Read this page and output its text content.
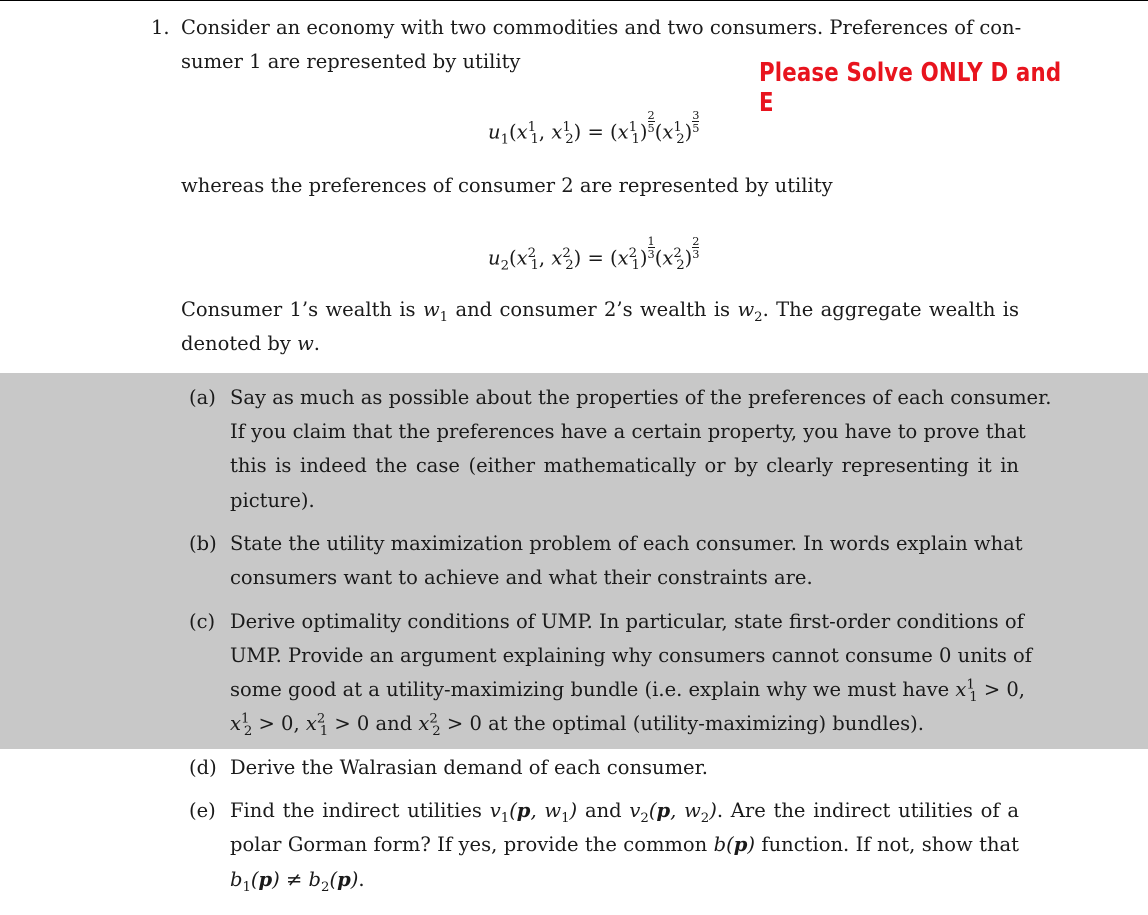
1. Consider an economy with two commodities and two consumers. Preferences of con-
sumer 1 are represented by utility	Please Solve ONLY D and E
$u_1(x^1_1$, $x^1_2) = (x^1_1) \frac{2}{5} (x^1_2) \frac{3}{5}$
whereas the preferences of consumer 2 are represented by utility
$u_2(x^2_1$, $x^2_2) = (x^2_1) \frac{1}{3} (x^2_2) \frac{2}{3}$
Consumer 1’s wealth is $w_1$ and consumer 2’s wealth is $w_2$. The aggregate wealth is
denoted by w.
(a) Say as much as possible about the properties of the preferences of each consumer.
If you claim that the preferences have a certain property, you have to prove that
this is indeed the case (either mathematically or by clearly representing it in
picture).
(b) State the utility maximization problem of each consumer. In words explain what
consumers want to achieve and what their constraints are.
(c) Derive optimality conditions of UMP. In particular, state first-order conditions of
UMP. Provide an argument explaining why consumers cannot consume 0 units of
some good at a utility-maximizing bundle (i.e. explain why we must have $x^1_1 > 0$,
$x^1_2 > 0$, $x^2_1 > 0$ and $x^2_2 > 0$ at the optimal (utility-maximizing) bundles).
(d) Derive the Walrasian demand of each consumer.
(e) Find the indirect utilities $v_1(p$, $w_1$) and $v_2(p$, $w_2$). Are the indirect utilities of a
polar Gorman form? If yes, provide the common b(p) function. If not, show that
$b_1(p) \ne b_2(p)$.
